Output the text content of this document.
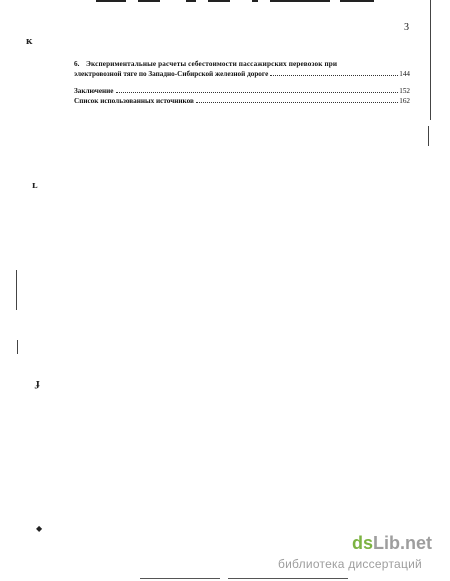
ᴋ
ʟ
ɟ
◆
3
6. Экспериментальные расчеты себестоимости пассажирских перевозок при
электровозной тяге по Западно-Сибирской железной дороге	144
Заключение	152
Список использованных источников	162
dsLib.net
библиотека диссертаций
